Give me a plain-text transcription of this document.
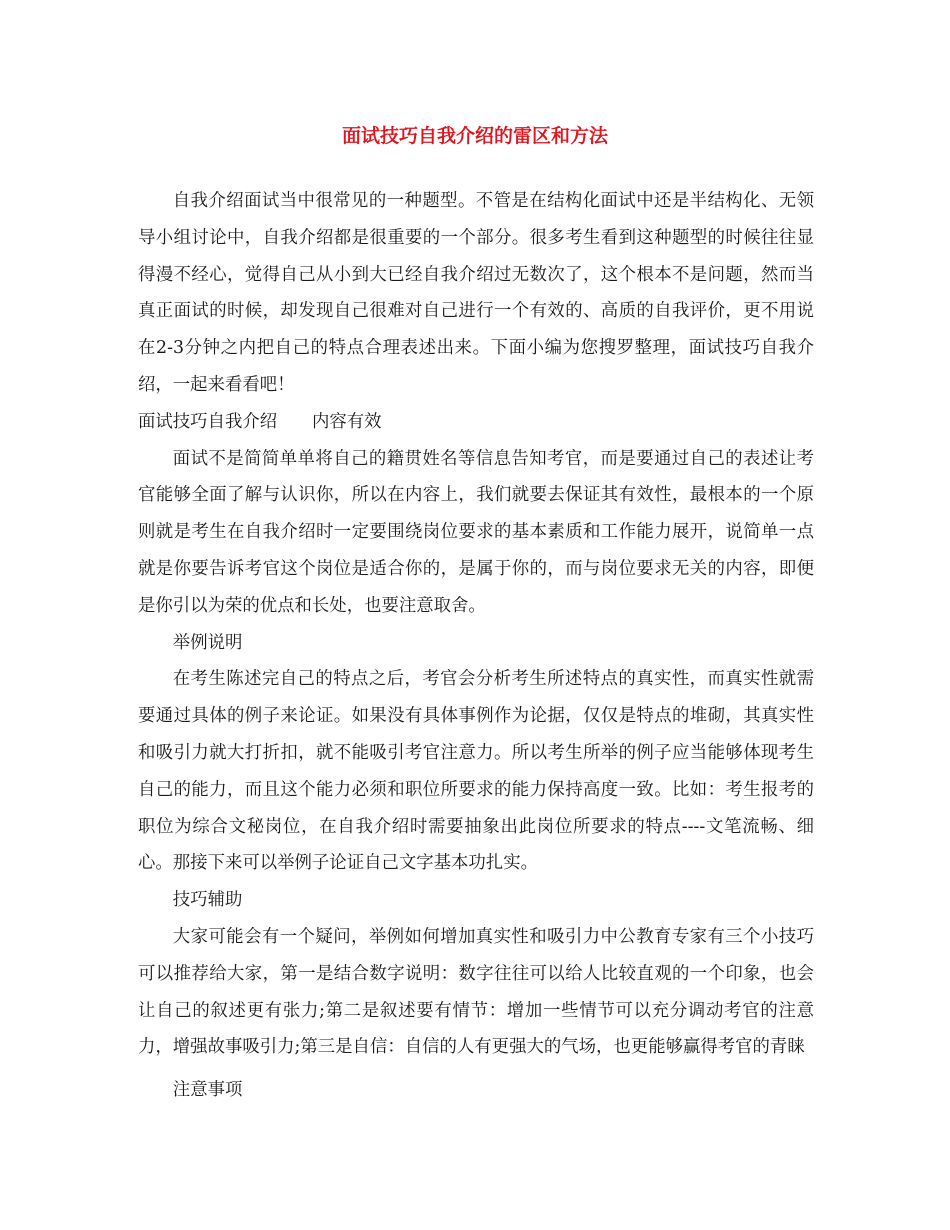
面试技巧自我介绍的雷区和方法

自我介绍面试当中很常见的一种题型。不管是在结构化面试中还是半结构化、无领导小组讨论中，自我介绍都是很重要的一个部分。很多考生看到这种题型的时候往往显得漫不经心，觉得自己从小到大已经自我介绍过无数次了，这个根本不是问题，然而当真正面试的时候，却发现自己很难对自己进行一个有效的、高质的自我评价，更不用说在2-3分钟之内把自己的特点合理表述出来。下面小编为您搜罗整理，面试技巧自我介绍，一起来看看吧！

面试技巧自我介绍 内容有效

面试不是简简单单将自己的籍贯姓名等信息告知考官，而是要通过自己的表述让考官能够全面了解与认识你，所以在内容上，我们就要去保证其有效性，最根本的一个原则就是考生在自我介绍时一定要围绕岗位要求的基本素质和工作能力展开，说简单一点就是你要告诉考官这个岗位是适合你的，是属于你的，而与岗位要求无关的内容，即便是你引以为荣的优点和长处，也要注意取舍。

举例说明

在考生陈述完自己的特点之后，考官会分析考生所述特点的真实性，而真实性就需要通过具体的例子来论证。如果没有具体事例作为论据，仅仅是特点的堆砌，其真实性和吸引力就大打折扣，就不能吸引考官注意力。所以考生所举的例子应当能够体现考生自己的能力，而且这个能力必须和职位所要求的能力保持高度一致。比如：考生报考的职位为综合文秘岗位，在自我介绍时需要抽象出此岗位所要求的特点----文笔流畅、细心。那接下来可以举例子论证自己文字基本功扎实。

技巧辅助

大家可能会有一个疑问，举例如何增加真实性和吸引力中公教育专家有三个小技巧可以推荐给大家，第一是结合数字说明：数字往往可以给人比较直观的一个印象，也会让自己的叙述更有张力;第二是叙述要有情节：增加一些情节可以充分调动考官的注意力，增强故事吸引力;第三是自信：自信的人有更强大的气场，也更能够赢得考官的青睐

注意事项
